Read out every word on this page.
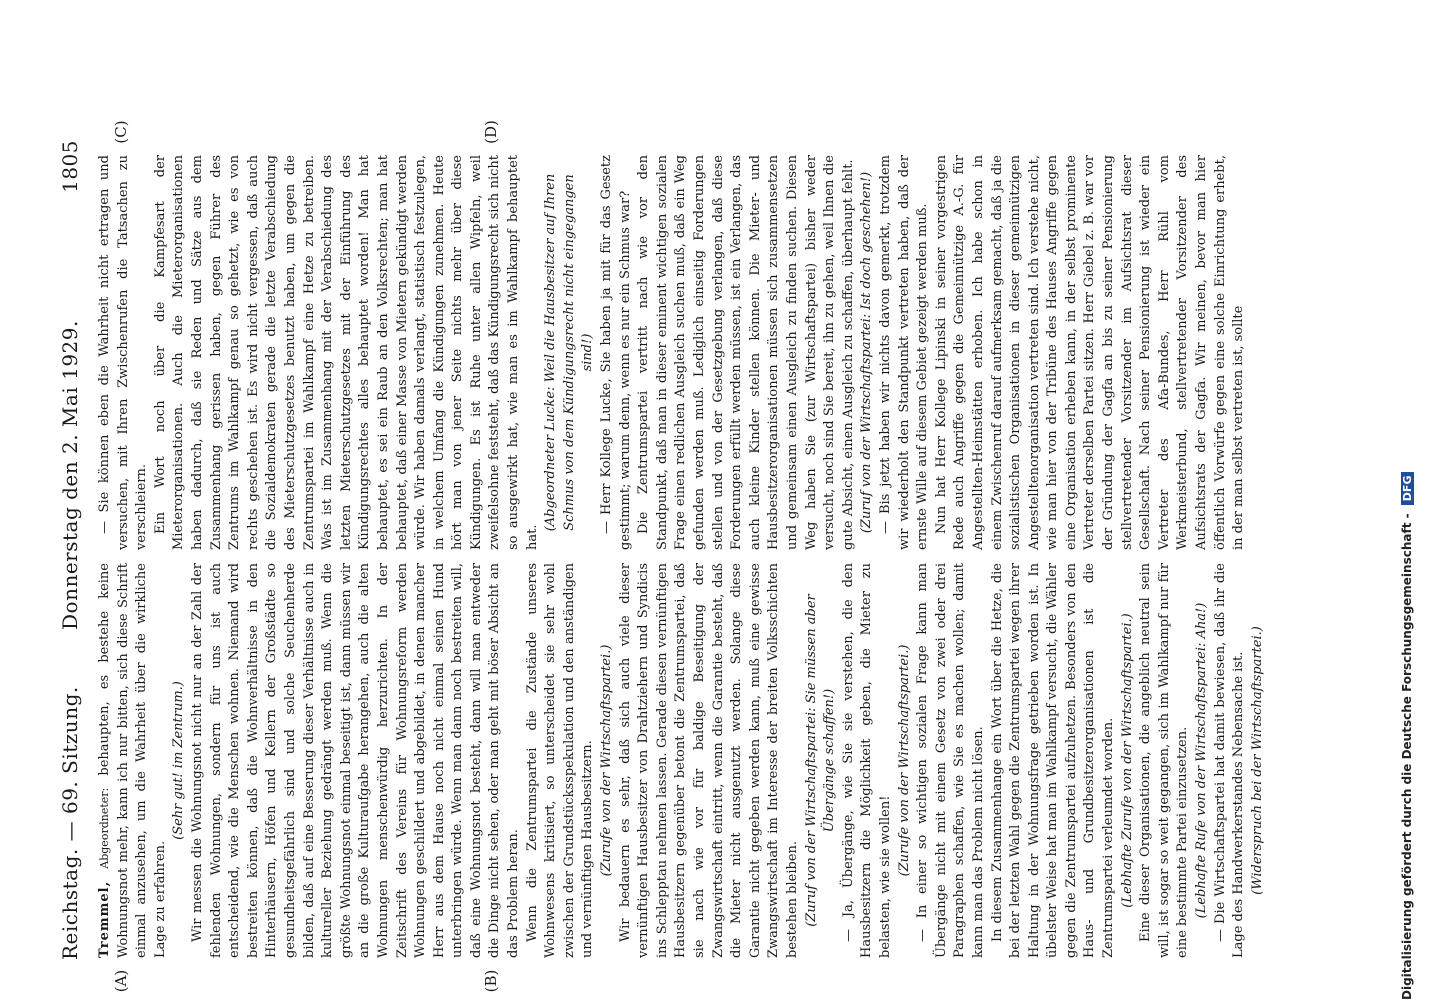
Reichstag. — 69. Sitzung.
Donnerstag den 2. Mai 1929.
1805
(A)	(B)
(C)	(D)

Tremmel, Abgeordneter: behaupten, es bestehe keine Wohnungsnot mehr, kann ich nur bitten, sich diese Schrift einmal anzusehen, um die Wahrheit über die wirkliche Lage zu erfahren.

(Sehr gut! im Zentrum.) Wir messen die Wohnungsnot nicht nur an der Zahl der fehlenden Wohnungen, sondern für uns ist auch entscheidend, wie die Menschen wohnen. Niemand wird bestreiten können, daß die Wohnverhältnisse in den Hinterhäusern, Höfen und Kellern der Großstädte so gesundheitsgefährlich sind und solche Seuchenherde bilden, daß auf eine Besserung dieser Verhältnisse auch in kultureller Beziehung gedrängt werden muß. Wenn die größte Wohnungsnot einmal beseitigt ist, dann müssen wir an die große Kulturaufgabe herangehen, auch die alten Wohnungen menschenwürdig herzurichten. In der Zeitschrift des Vereins für Wohnungsreform werden Wohnungen geschildert und abgebildet, in denen mancher Herr aus dem Hause noch nicht einmal seinen Hund unterbringen würde. Wenn man dann noch bestreiten will, daß eine Wohnungsnot besteht, dann will man entweder die Dinge nicht sehen, oder man geht mit böser Absicht an das Problem heran. Wenn die Zentrumspartei die Zustände unseres Wohnwesens kritisiert, so unterscheidet sie sehr wohl zwischen der Grundstücksspekulation und den anständigen und vernünftigen Hausbesitzern. (Zurufe von der Wirtschaftspartei.) Wir bedauern es sehr, daß sich auch viele dieser vernünftigen Hausbesitzer von Drahtziehern und Syndicis ins Schlepptau nehmen lassen. Gerade diesen vernünftigen Hausbesitzern gegenüber betont die Zentrumspartei, daß sie nach wie vor für baldige Beseitigung der Zwangswirtschaft eintritt, wenn die Garantie besteht, daß die Mieter nicht ausgenutzt werden. Solange diese Garantie nicht gegeben werden kann, muß eine gewisse Zwangswirtschaft im Interesse der breiten Volksschichten bestehen bleiben. (Zuruf von der Wirtschaftspartei: Sie müssen aber Übergänge schaffen!) — Ja, Übergänge, wie Sie sie verstehen, die den Hausbesitzern die Möglichkeit geben, die Mieter zu belasten, wie sie wollen!

(Zurufe von der Wirtschaftspartei.) — In einer so wichtigen sozialen Frage kann man Übergänge nicht mit einem Gesetz von zwei oder drei Paragraphen schaffen, wie Sie es machen wollen; damit kann man das Problem nicht lösen. In diesem Zusammenhange ein Wort über die Hetze, die bei der letzten Wahl gegen die Zentrumspartei wegen ihrer Haltung in der Wohnungsfrage getrieben worden ist. In übelster Weise hat man im Wahlkampf versucht, die Wähler gegen die Zentrumspartei aufzuhetzen. Besonders von den Haus- und Grundbesitzerorganisationen ist die Zentrumspartei verleumdet worden. (Lebhafte Zurufe von der Wirtschaftspartei.) Eine dieser Organisationen, die angeblich neutral sein will, ist sogar so weit gegangen, sich im Wahlkampf nur für eine bestimmte Partei einzusetzen. (Lebhafte Rufe von der Wirtschaftspartei: Aha!) — Die Wirtschaftspartei hat damit bewiesen, daß ihr die Lage des Handwerkerstandes Nebensache ist. (Widerspruch bei der Wirtschaftspartei.)

— Sie können eben die Wahrheit nicht ertragen und versuchen, mit Ihren Zwischenrufen die Tatsachen zu verschleiern. Ein Wort noch über die Kampfesart der Mieterorganisationen. Auch die Mieterorganisationen haben dadurch, daß sie Reden und Sätze aus dem Zusammenhang gerissen haben, gegen Führer des Zentrums im Wahlkampf genau so gehetzt, wie es von rechts geschehen ist. Es wird nicht vergessen, daß auch die Sozialdemokraten gerade die letzte Verabschiedung des Mieterschutzgesetzes benutzt haben, um gegen die Zentrumspartei im Wahlkampf eine Hetze zu betreiben. Was ist im Zusammenhang mit der Verabschiedung des letzten Mieterschutzgesetzes mit der Einführung des Kündigungsrechtes alles behauptet worden! Man hat behauptet, es sei ein Raub an den Volksrechten; man hat behauptet, daß einer Masse von Mietern gekündigt werden würde. Wir haben damals verlangt, statistisch festzulegen, in welchem Umfang die Kündigungen zunehmen. Heute hört man von jener Seite nichts mehr über diese Kündigungen. Es ist Ruhe unter allen Wipfeln, weil zweifelsohne feststeht, daß das Kündigungsrecht sich nicht so ausgewirkt hat, wie man es im Wahlkampf behauptet hat.

(Abgeordneter Lucke: Weil die Hausbesitzer auf Ihren Schmus von dem Kündigungsrecht nicht eingegangen sind!) — Herr Kollege Lucke, Sie haben ja mit für das Gesetz gestimmt; warum denn, wenn es nur ein Schmus war? Die Zentrumspartei vertritt nach wie vor den Standpunkt, daß man in dieser eminent wichtigen sozialen Frage einen redlichen Ausgleich suchen muß, daß ein Weg gefunden werden muß. Lediglich einseitig Forderungen stellen und von der Gesetzgebung verlangen, daß diese Forderungen erfüllt werden müssen, ist ein Verlangen, das auch kleine Kinder stellen können. Die Mieter- und Hausbesitzerorganisationen müssen sich zusammensetzen und gemeinsam einen Ausgleich zu finden suchen. Diesen Weg haben Sie (zur Wirtschaftspartei) bisher weder versucht, noch sind Sie bereit, ihn zu gehen, weil Ihnen die gute Absicht, einen Ausgleich zu schaffen, überhaupt fehlt. (Zuruf von der Wirtschaftspartei: Ist doch geschehen!) — Bis jetzt haben wir nichts davon gemerkt, trotzdem wir wiederholt den Standpunkt vertreten haben, daß der ernste Wille auf diesem Gebiet gezeigt werden muß. Nun hat Herr Kollege Lipinski in seiner vorgestrigen Rede auch Angriffe gegen die Gemeinnützige A.-G. für Angestellten-Heimstätten erhoben. Ich habe schon in einem Zwischenruf darauf aufmerksam gemacht, daß ja die sozialistischen Organisationen in dieser gemeinnützigen Angestelltenorganisation vertreten sind. Ich verstehe nicht, wie man hier von der Tribüne des Hauses Angriffe gegen eine Organisation erheben kann, in der selbst prominente Vertreter derselben Partei sitzen. Herr Giebel z. B. war vor der Gründung der Gagfa an bis zu seiner Pensionierung stellvertretender Vorsitzender im Aufsichtsrat dieser Gesellschaft. Nach seiner Pensionierung ist wieder ein Vertreter des Afa-Bundes, Herr Rühl vom Werkmeisterbund, stellvertretender Vorsitzender des Aufsichtsrats der Gagfa. Wir meinen, bevor man hier öffentlich Vorwürfe gegen eine solche Einrichtung erhebt, in der man selbst vertreten ist, sollte

Digitalisierung gefördert durch die Deutsche Forschungsgemeinschaft - DFG
